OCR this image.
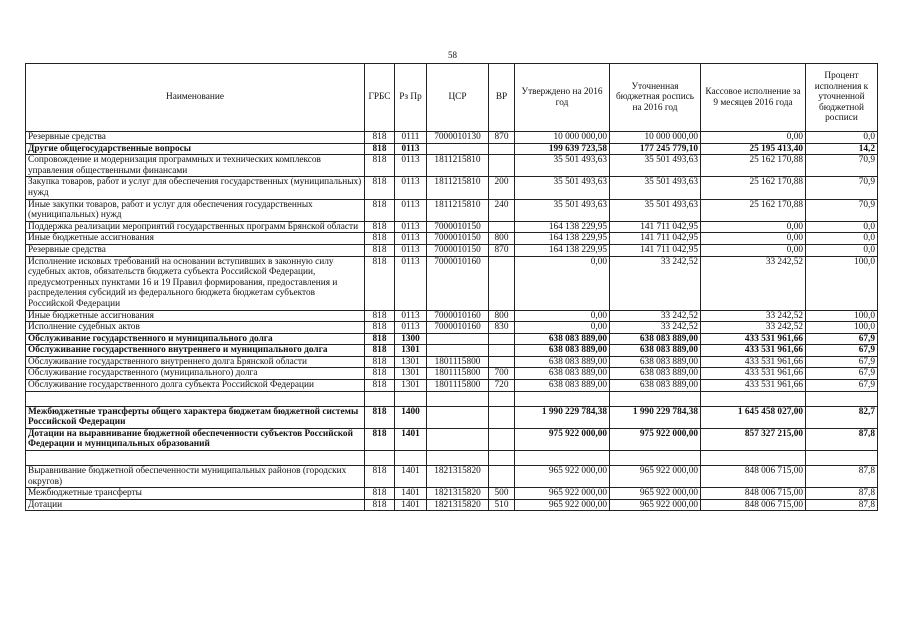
58
Наименование	ГРБС	Рз Пр	ЦСР	ВР	Утверждено на 2016 год	Уточненная бюджетная роспись на 2016 год	Кассовое исполнение за 9 месяцев 2016 года	Процент исполнения к уточненной бюджетной росписи
Резервные средства	818	0111	7000010130	870	10 000 000,00	10 000 000,00	0,00	0,0
Другие общегосударственные вопросы	818	0113			199 639 723,58	177 245 779,10	25 195 413,40	14,2
Сопровождение и модернизация программных и технических комплексов управления общественными финансами	818	0113	1811215810		35 501 493,63	35 501 493,63	25 162 170,88	70,9
Закупка товаров, работ и услуг для обеспечения государственных (муниципальных) нужд	818	0113	1811215810	200	35 501 493,63	35 501 493,63	25 162 170,88	70,9
Иные закупки товаров, работ и услуг для обеспечения государственных (муниципальных) нужд	818	0113	1811215810	240	35 501 493,63	35 501 493,63	25 162 170,88	70,9
Поддержка реализации мероприятий государственных программ Брянской области	818	0113	7000010150		164 138 229,95	141 711 042,95	0,00	0,0
Иные бюджетные ассигнования	818	0113	7000010150	800	164 138 229,95	141 711 042,95	0,00	0,0
Резервные средства	818	0113	7000010150	870	164 138 229,95	141 711 042,95	0,00	0,0
Исполнение исковых требований на основании вступивших в законную силу судебных актов, обязательств бюджета субъекта Российской Федерации, предусмотренных пунктами 16 и 19 Правил формирования, предоставления и распределения субсидий из федерального бюджета бюджетам субъектов Российской Федерации	818	0113	7000010160		0,00	33 242,52	33 242,52	100,0
Иные бюджетные ассигнования	818	0113	7000010160	800	0,00	33 242,52	33 242,52	100,0
Исполнение судебных актов	818	0113	7000010160	830	0,00	33 242,52	33 242,52	100,0
Обслуживание государственного и муниципального долга	818	1300			638 083 889,00	638 083 889,00	433 531 961,66	67,9
Обслуживание государственного внутреннего и муниципального долга	818	1301			638 083 889,00	638 083 889,00	433 531 961,66	67,9
Обслуживание государственного внутреннего долга Брянской области	818	1301	1801115800		638 083 889,00	638 083 889,00	433 531 961,66	67,9
Обслуживание государственного (муниципального) долга	818	1301	1801115800	700	638 083 889,00	638 083 889,00	433 531 961,66	67,9
Обслуживание государственного долга субъекта Российской Федерации	818	1301	1801115800	720	638 083 889,00	638 083 889,00	433 531 961,66	67,9

Межбюджетные трансферты общего характера бюджетам бюджетной системы Российской Федерации	818	1400			1 990 229 784,38	1 990 229 784,38	1 645 458 027,00	82,7
Дотации на выравнивание бюджетной обеспеченности субъектов Российской Федерации и муниципальных образований	818	1401			975 922 000,00	975 922 000,00	857 327 215,00	87,8

Выравнивание бюджетной обеспеченности муниципальных районов (городских округов)	818	1401	1821315820		965 922 000,00	965 922 000,00	848 006 715,00	87,8
Межбюджетные трансферты	818	1401	1821315820	500	965 922 000,00	965 922 000,00	848 006 715,00	87,8
Дотации	818	1401	1821315820	510	965 922 000,00	965 922 000,00	848 006 715,00	87,8
